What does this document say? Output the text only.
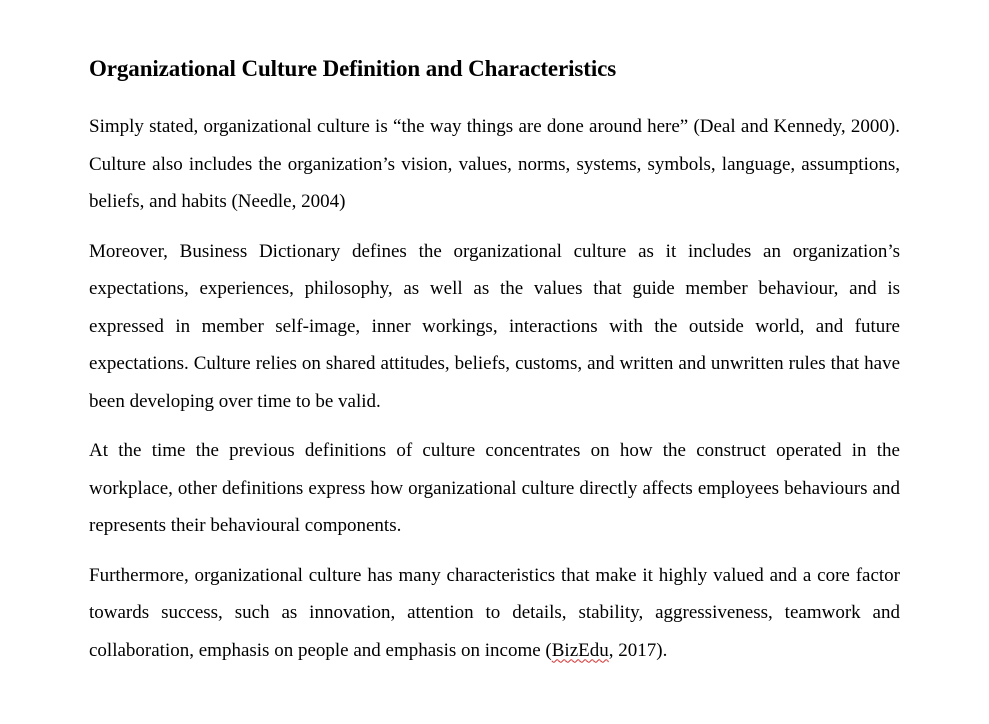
Organizational Culture Definition and Characteristics

Simply stated, organizational culture is “the way things are done around here” (Deal and Kennedy, 2000). Culture also includes the organization’s vision, values, norms, systems, symbols, language, assumptions, beliefs, and habits (Needle, 2004)

Moreover, Business Dictionary defines the organizational culture as it includes an organization’s expectations, experiences, philosophy, as well as the values that guide member behaviour, and is expressed in member self-image, inner workings, interactions with the outside world, and future expectations. Culture relies on shared attitudes, beliefs, customs, and written and unwritten rules that have been developing over time to be valid.

At the time the previous definitions of culture concentrates on how the construct operated in the workplace, other definitions express how organizational culture directly affects employees behaviours and represents their behavioural components.

Furthermore, organizational culture has many characteristics that make it highly valued and a core factor towards success, such as innovation, attention to details, stability, aggressiveness, teamwork and collaboration, emphasis on people and emphasis on income (BizEdu, 2017).
